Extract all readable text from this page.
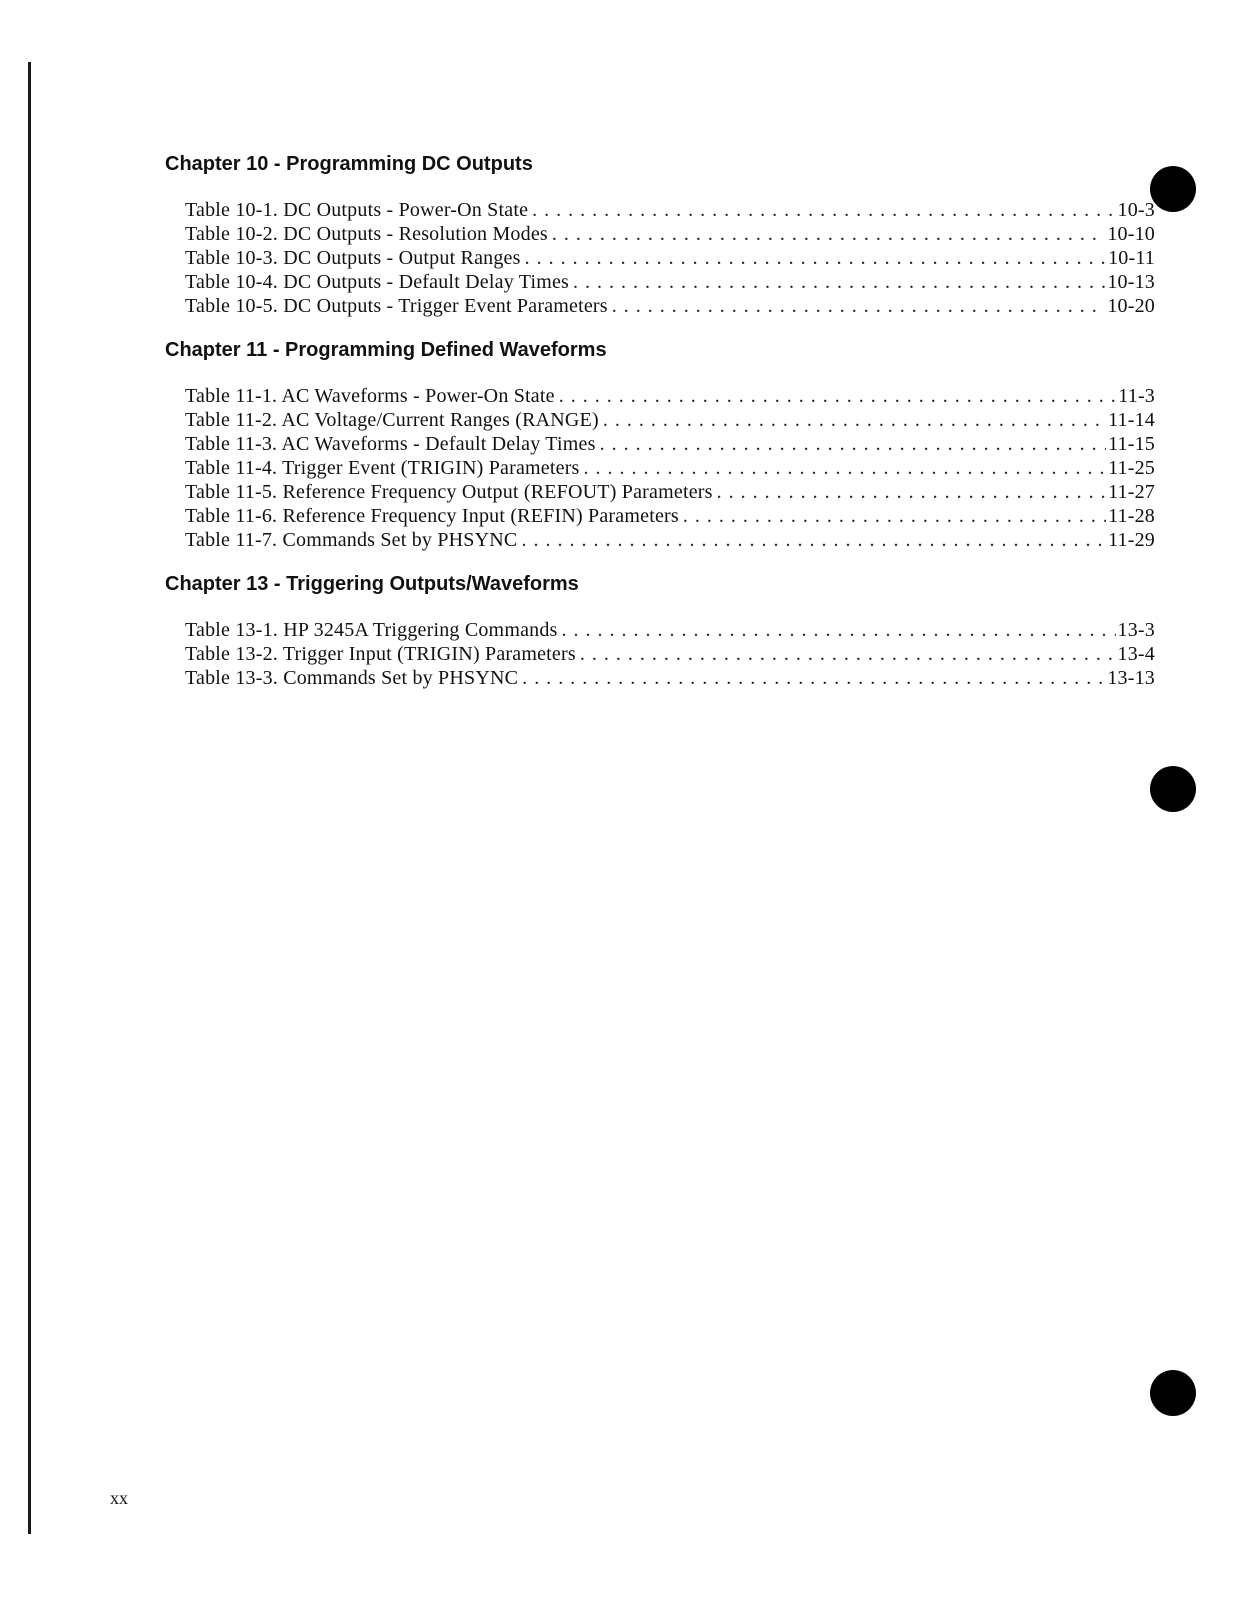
Chapter 10 - Programming DC Outputs
Table 10-1. DC Outputs - Power-On State . . .	10-3
Table 10-2. DC Outputs - Resolution Modes . . .	10-10
Table 10-3. DC Outputs - Output Ranges . . .	10-11
Table 10-4. DC Outputs - Default Delay Times . . .	10-13
Table 10-5. DC Outputs - Trigger Event Parameters . . .	10-20
Chapter 11 - Programming Defined Waveforms
Table 11-1. AC Waveforms - Power-On State . . .	11-3
Table 11-2. AC Voltage/Current Ranges (RANGE) . . .	11-14
Table 11-3. AC Waveforms - Default Delay Times . . .	11-15
Table 11-4. Trigger Event (TRIGIN) Parameters . . .	11-25
Table 11-5. Reference Frequency Output (REFOUT) Parameters . . .	11-27
Table 11-6. Reference Frequency Input (REFIN) Parameters . . .	11-28
Table 11-7. Commands Set by PHSYNC . . .	11-29
Chapter 13 - Triggering Outputs/Waveforms
Table 13-1. HP 3245A Triggering Commands . . .	13-3
Table 13-2. Trigger Input (TRIGIN) Parameters . . .	13-4
Table 13-3. Commands Set by PHSYNC . . .	13-13
xx
